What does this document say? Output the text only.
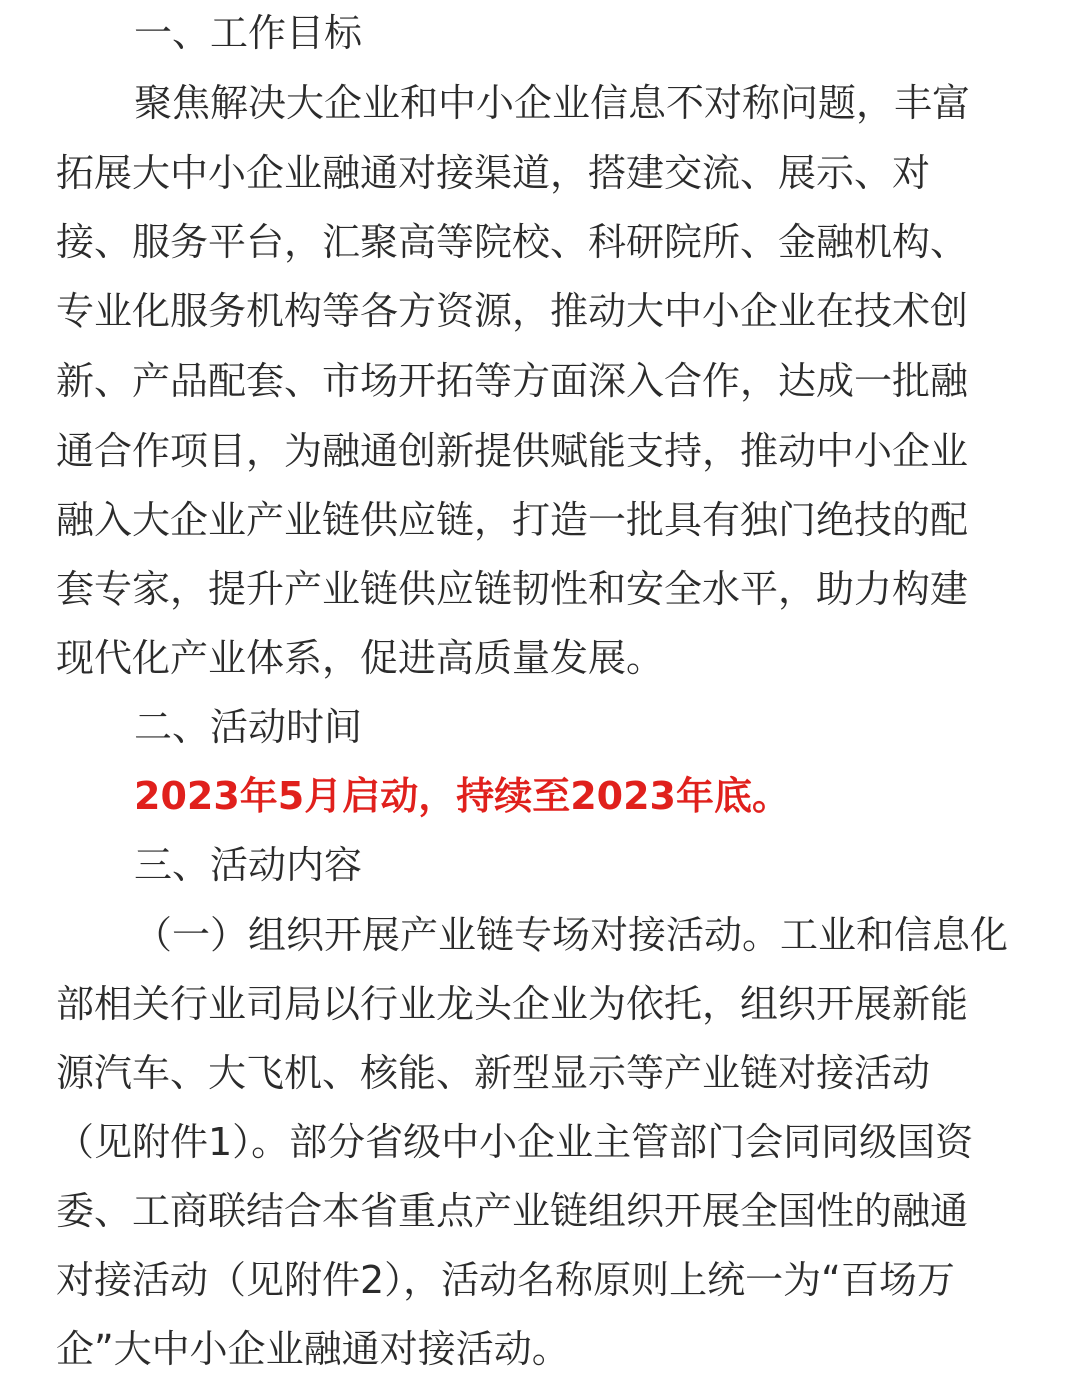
一、工作目标
聚焦解决大企业和中小企业信息不对称问题，丰富
拓展大中小企业融通对接渠道，搭建交流、展示、对
接、服务平台，汇聚高等院校、科研院所、金融机构、
专业化服务机构等各方资源，推动大中小企业在技术创
新、产品配套、市场开拓等方面深入合作，达成一批融
通合作项目，为融通创新提供赋能支持，推动中小企业
融入大企业产业链供应链，打造一批具有独门绝技的配
套专家，提升产业链供应链韧性和安全水平，助力构建
现代化产业体系，促进高质量发展。
二、活动时间
2023年5月启动，持续至2023年底。
三、活动内容
（一）组织开展产业链专场对接活动。工业和信息化
部相关行业司局以行业龙头企业为依托，组织开展新能
源汽车、大飞机、核能、新型显示等产业链对接活动
（见附件1）。部分省级中小企业主管部门会同同级国资
委、工商联结合本省重点产业链组织开展全国性的融通
对接活动（见附件2），活动名称原则上统一为“百场万
企”大中小企业融通对接活动。
